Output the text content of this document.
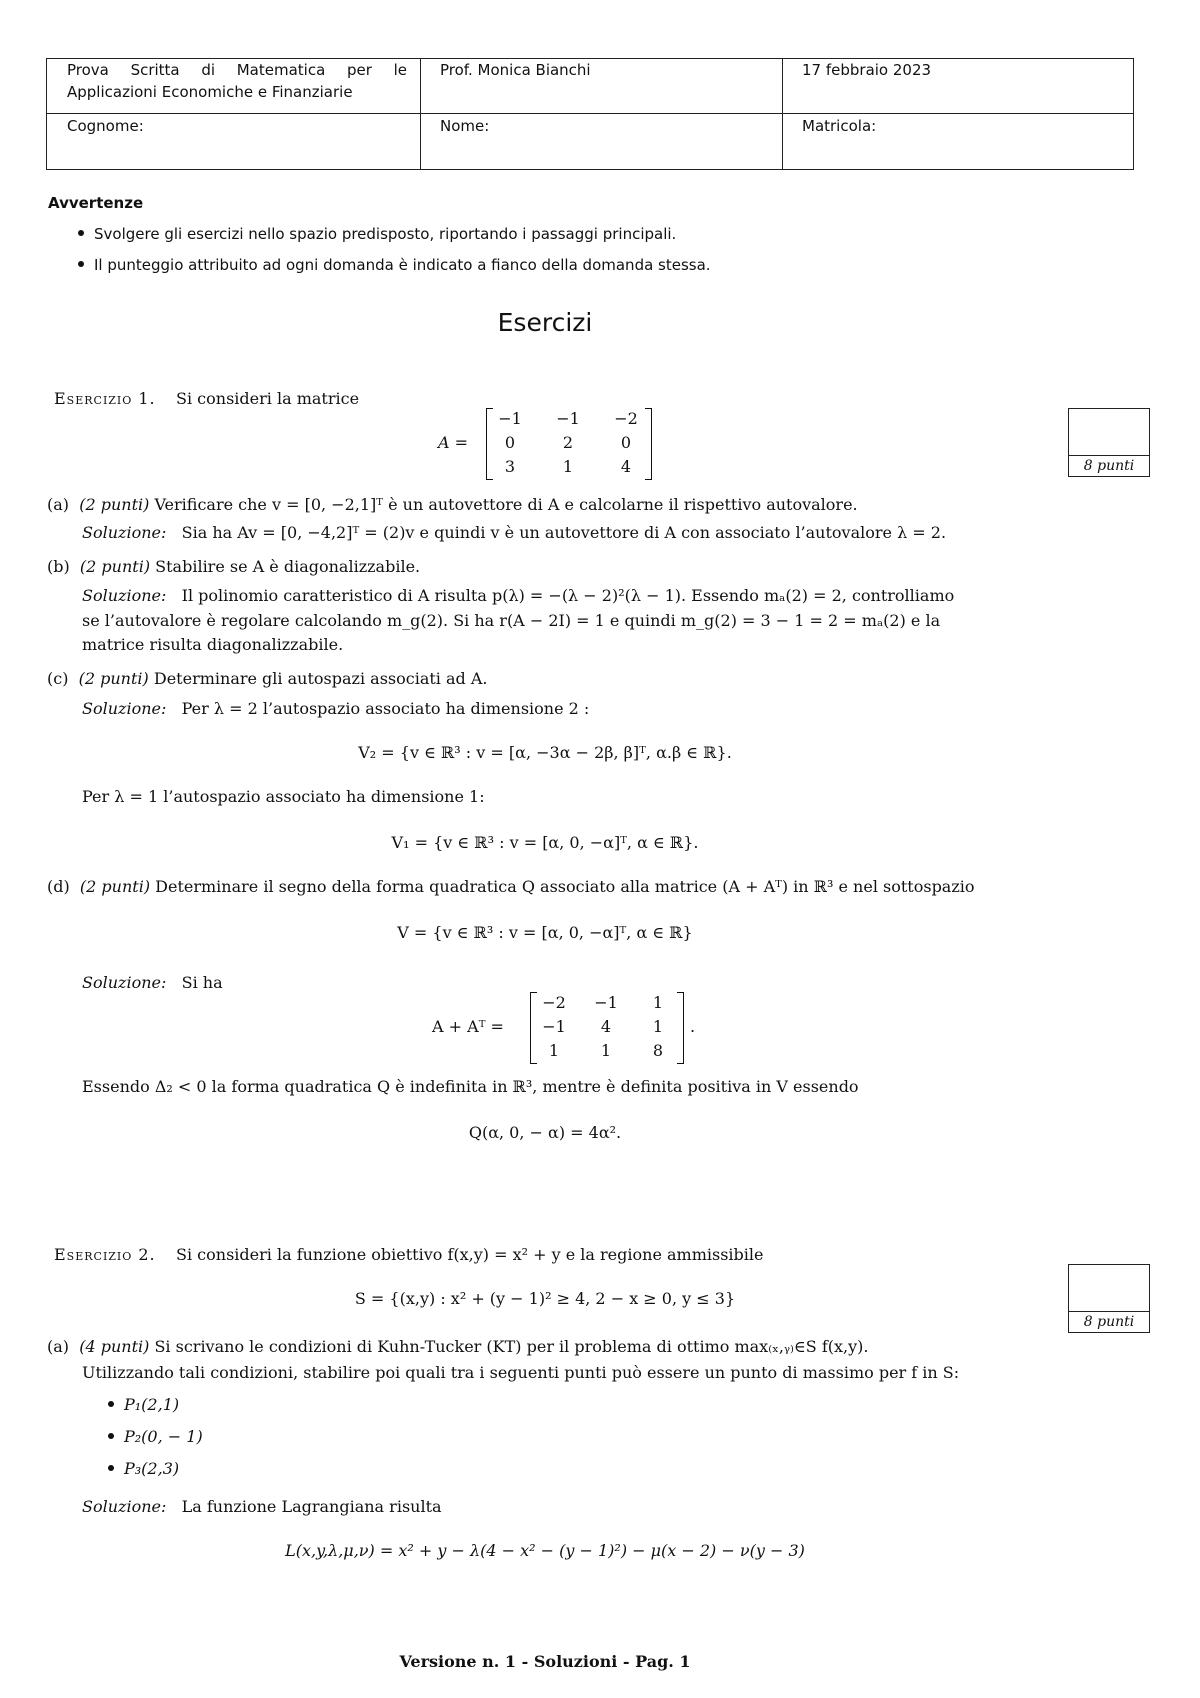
Prova Scritta di Matematica per le
Applicazioni Economiche e Finanziarie
Prof. Monica Bianchi	17 febbraio 2023
Cognome:	Nome:	Matricola:
Avvertenze
Svolgere gli esercizi nello spazio predisposto, riportando i passaggi principali.
Il punteggio attribuito ad ogni domanda è indicato a fianco della domanda stessa.
Esercizi
Esercizio 1. Si consideri la matrice
A =
−1	−1	−2
0	2	0
3	1	4	8 punti
(a) (2 punti) Verificare che v = [0, −2,1]ᵀ è un autovettore di A e calcolarne il rispettivo autovalore.
Soluzione: Sia ha Av = [0, −4,2]ᵀ = (2)v e quindi v è un autovettore di A con associato l’autovalore λ = 2.
(b) (2 punti) Stabilire se A è diagonalizzabile.
Soluzione: Il polinomio caratteristico di A risulta p(λ) = −(λ − 2)²(λ − 1). Essendo mₐ(2) = 2, controlliamo
se l’autovalore è regolare calcolando m_g(2). Si ha r(A − 2I) = 1 e quindi m_g(2) = 3 − 1 = 2 = mₐ(2) e la
matrice risulta diagonalizzabile.
(c) (2 punti) Determinare gli autospazi associati ad A.
Soluzione: Per λ = 2 l’autospazio associato ha dimensione 2 :
V₂ = {v ∈ ℝ³ : v = [α, −3α − 2β, β]ᵀ, α.β ∈ ℝ}.
Per λ = 1 l’autospazio associato ha dimensione 1:
V₁ = {v ∈ ℝ³ : v = [α, 0, −α]ᵀ, α ∈ ℝ}.
(d) (2 punti) Determinare il segno della forma quadratica Q associato alla matrice (A + Aᵀ) in ℝ³ e nel sottospazio
V = {v ∈ ℝ³ : v = [α, 0, −α]ᵀ, α ∈ ℝ}
Soluzione: Si ha
A + Aᵀ =
−2	−1	1
−1	4	1
1	1	8
.
Essendo Δ₂ < 0 la forma quadratica Q è indefinita in ℝ³, mentre è definita positiva in V essendo
Q(α, 0, − α) = 4α².
Esercizio 2. Si consideri la funzione obiettivo f(x,y) = x² + y e la regione ammissibile
S = {(x,y) : x² + (y − 1)² ≥ 4, 2 − x ≥ 0, y ≤ 3}
8 punti
(a) (4 punti) Si scrivano le condizioni di Kuhn-Tucker (KT) per il problema di ottimo max₍ₓ,ᵧ₎∈S f(x,y).
Utilizzando tali condizioni, stabilire poi quali tra i seguenti punti può essere un punto di massimo per f in S:
P₁(2,1)
P₂(0, − 1)
P₃(2,3)
Soluzione: La funzione Lagrangiana risulta
L(x,y,λ,μ,ν) = x² + y − λ(4 − x² − (y − 1)²) − μ(x − 2) − ν(y − 3)
Versione n. 1 - Soluzioni - Pag. 1
